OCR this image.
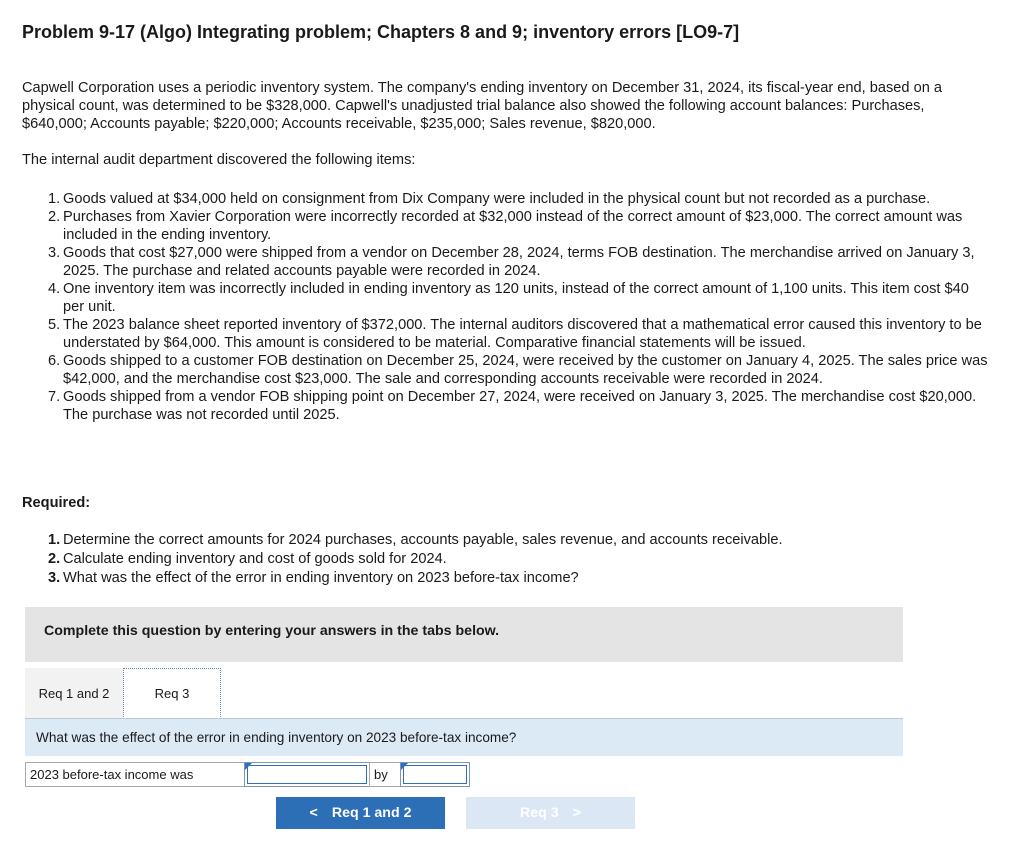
Problem 9-17 (Algo) Integrating problem; Chapters 8 and 9; inventory errors [LO9-7]
Capwell Corporation uses a periodic inventory system. The company's ending inventory on December 31, 2024, its fiscal-year end, based on a physical count, was determined to be $328,000. Capwell's unadjusted trial balance also showed the following account balances: Purchases, $640,000; Accounts payable; $220,000; Accounts receivable, $235,000; Sales revenue, $820,000.
The internal audit department discovered the following items:
1. Goods valued at $34,000 held on consignment from Dix Company were included in the physical count but not recorded as a purchase.
2. Purchases from Xavier Corporation were incorrectly recorded at $32,000 instead of the correct amount of $23,000. The correct amount was included in the ending inventory.
3. Goods that cost $27,000 were shipped from a vendor on December 28, 2024, terms FOB destination. The merchandise arrived on January 3, 2025. The purchase and related accounts payable were recorded in 2024.
4. One inventory item was incorrectly included in ending inventory as 120 units, instead of the correct amount of 1,100 units. This item cost $40 per unit.
5. The 2023 balance sheet reported inventory of $372,000. The internal auditors discovered that a mathematical error caused this inventory to be understated by $64,000. This amount is considered to be material. Comparative financial statements will be issued.
6. Goods shipped to a customer FOB destination on December 25, 2024, were received by the customer on January 4, 2025. The sales price was $42,000, and the merchandise cost $23,000. The sale and corresponding accounts receivable were recorded in 2024.
7. Goods shipped from a vendor FOB shipping point on December 27, 2024, were received on January 3, 2025. The merchandise cost $20,000. The purchase was not recorded until 2025.
Required:
1. Determine the correct amounts for 2024 purchases, accounts payable, sales revenue, and accounts receivable.
2. Calculate ending inventory and cost of goods sold for 2024.
3. What was the effect of the error in ending inventory on 2023 before-tax income?
Complete this question by entering your answers in the tabs below.
Req 1 and 2	Req 3
What was the effect of the error in ending inventory on 2023 before-tax income?
2023 before-tax income was	by
< Req 1 and 2	Req 3 >
